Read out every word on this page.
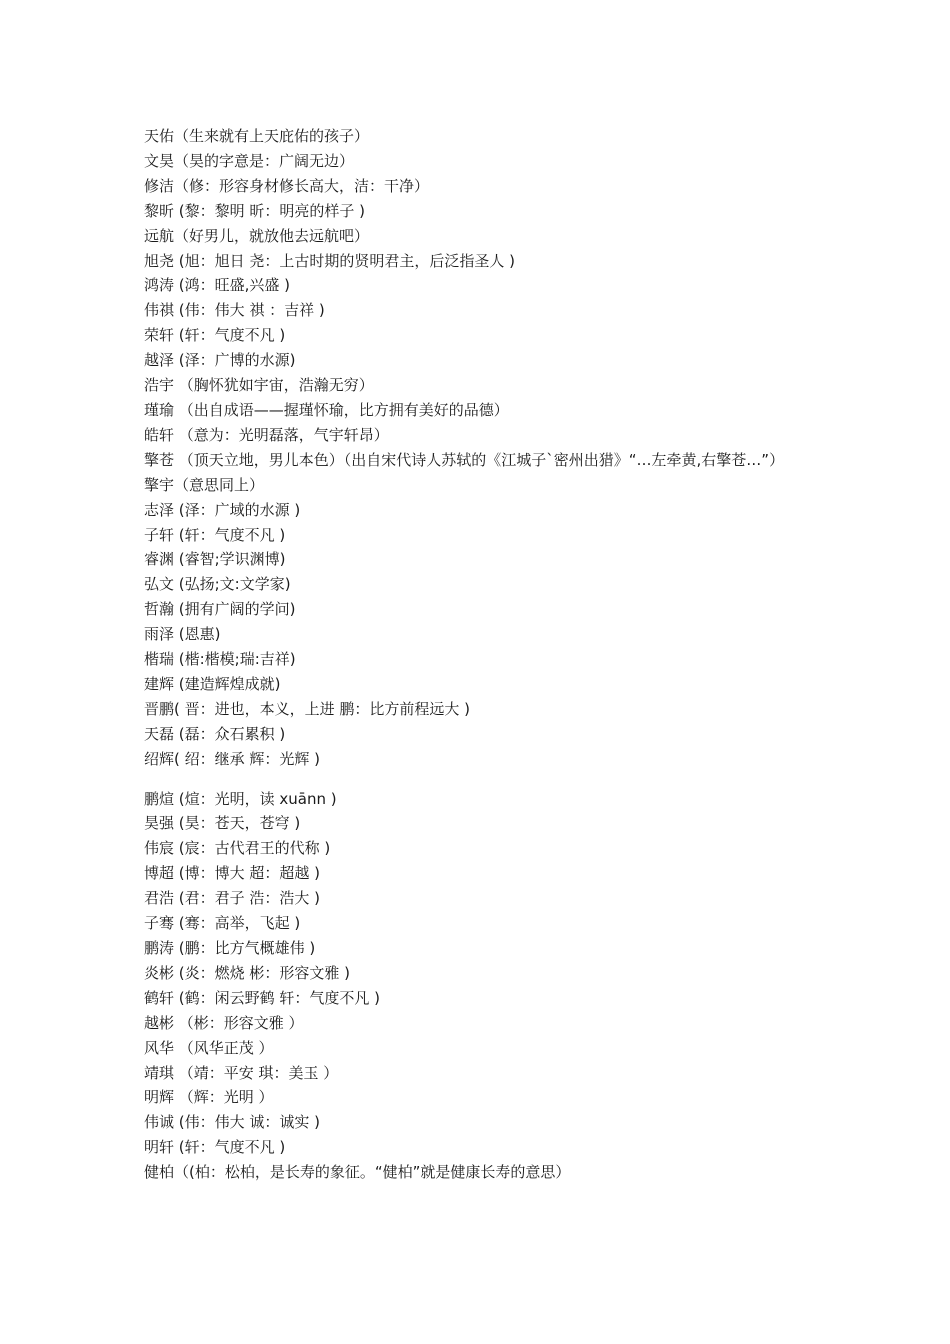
天佑（生来就有上天庇佑的孩子）

文昊（昊的字意是：广阔无边）

修洁（修：形容身材修长高大，洁：干净）

黎昕 (黎：黎明 昕：明亮的样子 )

远航（好男儿，就放他去远航吧）

旭尧 (旭：旭日 尧：上古时期的贤明君主，后泛指圣人 )

鸿涛 (鸿：旺盛,兴盛 )

伟祺 (伟：伟大 祺 ：吉祥 )

荣轩 (轩：气度不凡 )

越泽 (泽：广博的水源)

浩宇 （胸怀犹如宇宙，浩瀚无穷）

瑾瑜 （出自成语——握瑾怀瑜，比方拥有美好的品德）

皓轩 （意为：光明磊落，气宇轩昂）

擎苍 （顶天立地，男儿本色）（出自宋代诗人苏轼的《江城子`密州出猎》“…左牵黄,右擎苍…”）

擎宇（意思同上）

志泽 (泽：广域的水源 )

子轩 (轩：气度不凡 )

睿渊 (睿智;学识渊博)

弘文 (弘扬;文:文学家)

哲瀚 (拥有广阔的学问)

雨泽 (恩惠)

楷瑞 (楷:楷模;瑞:吉祥)

建辉 (建造辉煌成就)

晋鹏( 晋：进也，本义，上进 鹏：比方前程远大 )

天磊 (磊：众石累积 )

绍辉( 绍：继承 辉：光辉 )

鹏煊 (煊：光明，读 xuānn )

昊强 (昊：苍天，苍穹 )

伟宸 (宸：古代君王的代称 )

博超 (博：博大 超：超越 )

君浩 (君：君子 浩：浩大 )

子骞 (骞：高举，飞起 )

鹏涛 (鹏：比方气概雄伟 )

炎彬 (炎：燃烧 彬：形容文雅 )

鹤轩 (鹤：闲云野鹤 轩：气度不凡 )

越彬 （彬：形容文雅 ）

风华 （风华正茂 ）

靖琪 （靖：平安 琪：美玉 ）

明辉 （辉：光明 ）

伟诚 (伟：伟大 诚：诚实 )

明轩 (轩：气度不凡 )

健柏（(柏：松柏，是长寿的象征。“健柏”就是健康长寿的意思）
